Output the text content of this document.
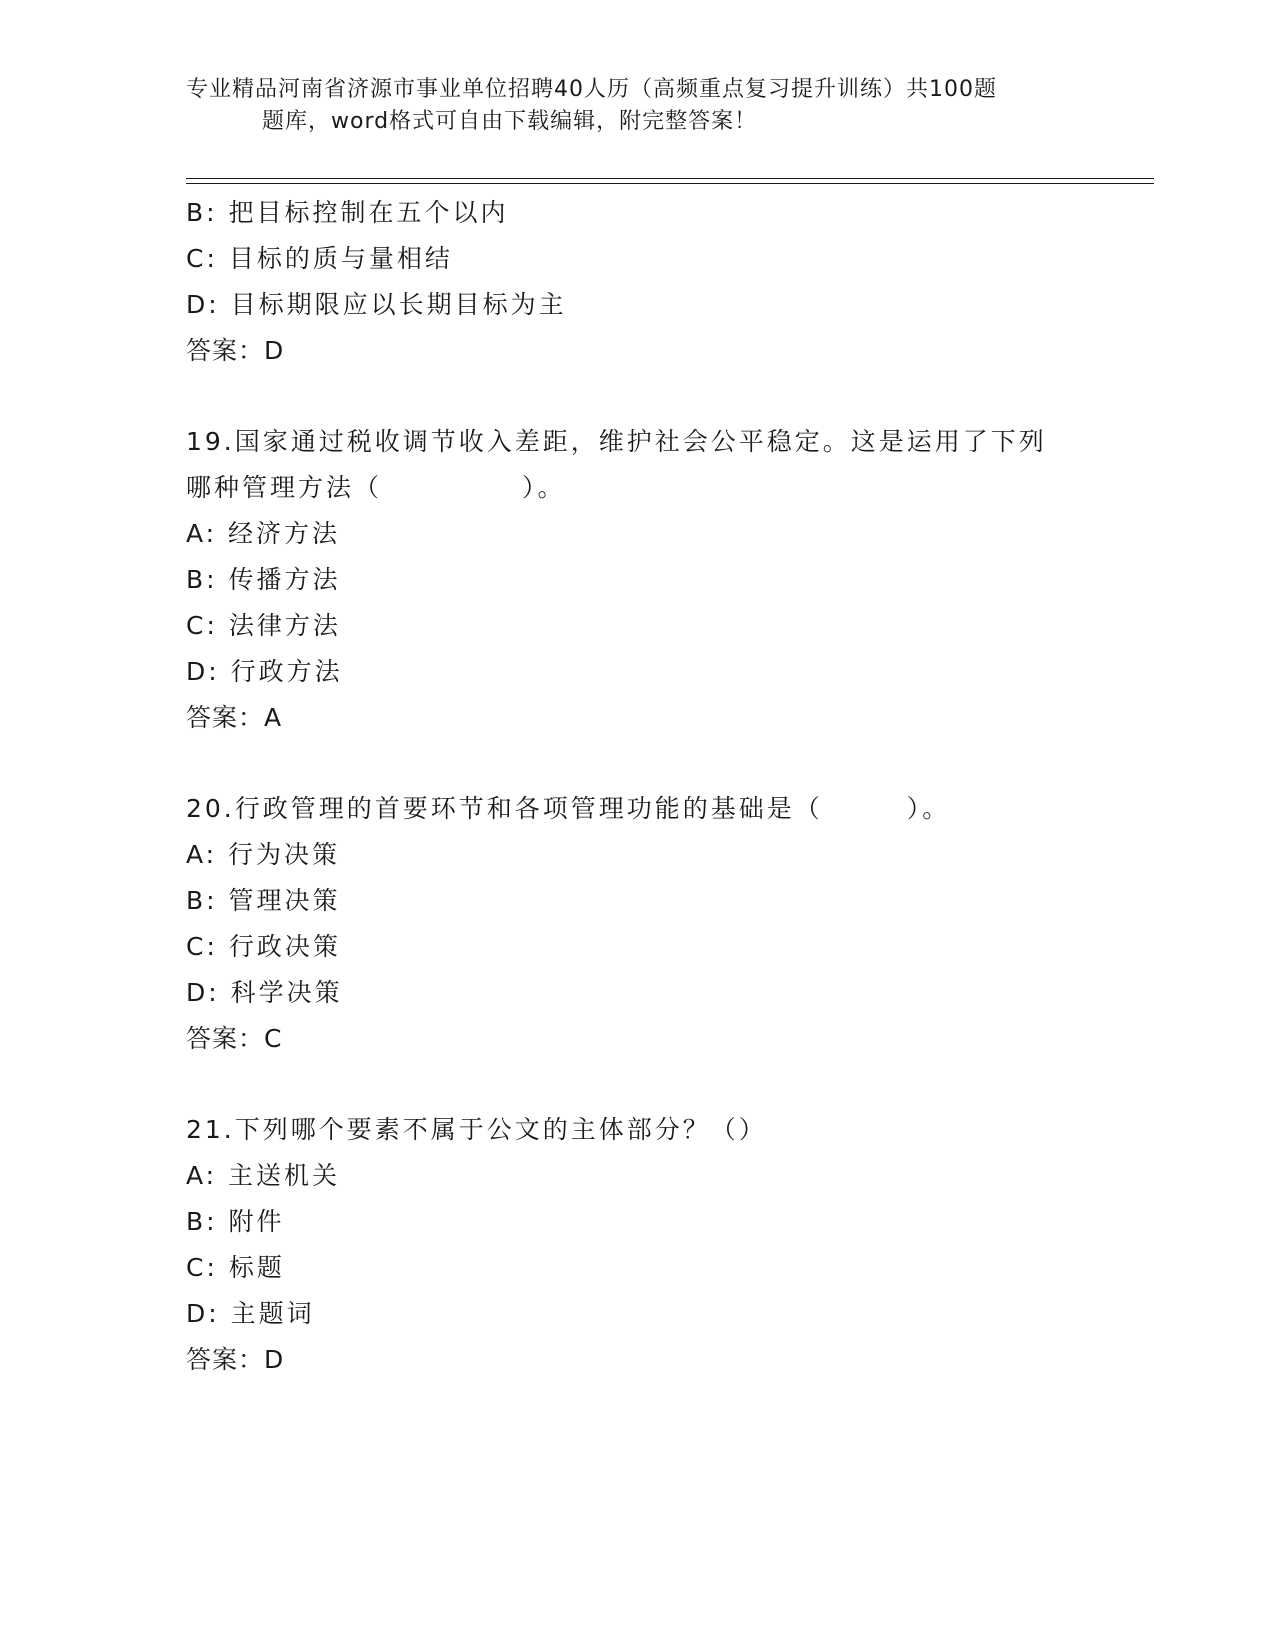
专业精品河南省济源市事业单位招聘40人历（高频重点复习提升训练）共100题
题库，word格式可自由下载编辑，附完整答案！
B: 把目标控制在五个以内
C: 目标的质与量相结
D: 目标期限应以长期目标为主
答案：D
19.国家通过税收调节收入差距，维护社会公平稳定。这是运用了下列
哪种管理方法（　　　　　）。
A: 经济方法
B: 传播方法
C: 法律方法
D: 行政方法
答案：A
20.行政管理的首要环节和各项管理功能的基础是（　　　）。
A: 行为决策
B: 管理决策
C: 行政决策
D: 科学决策
答案：C
21.下列哪个要素不属于公文的主体部分？（）
A: 主送机关
B: 附件
C: 标题
D: 主题词
答案：D
